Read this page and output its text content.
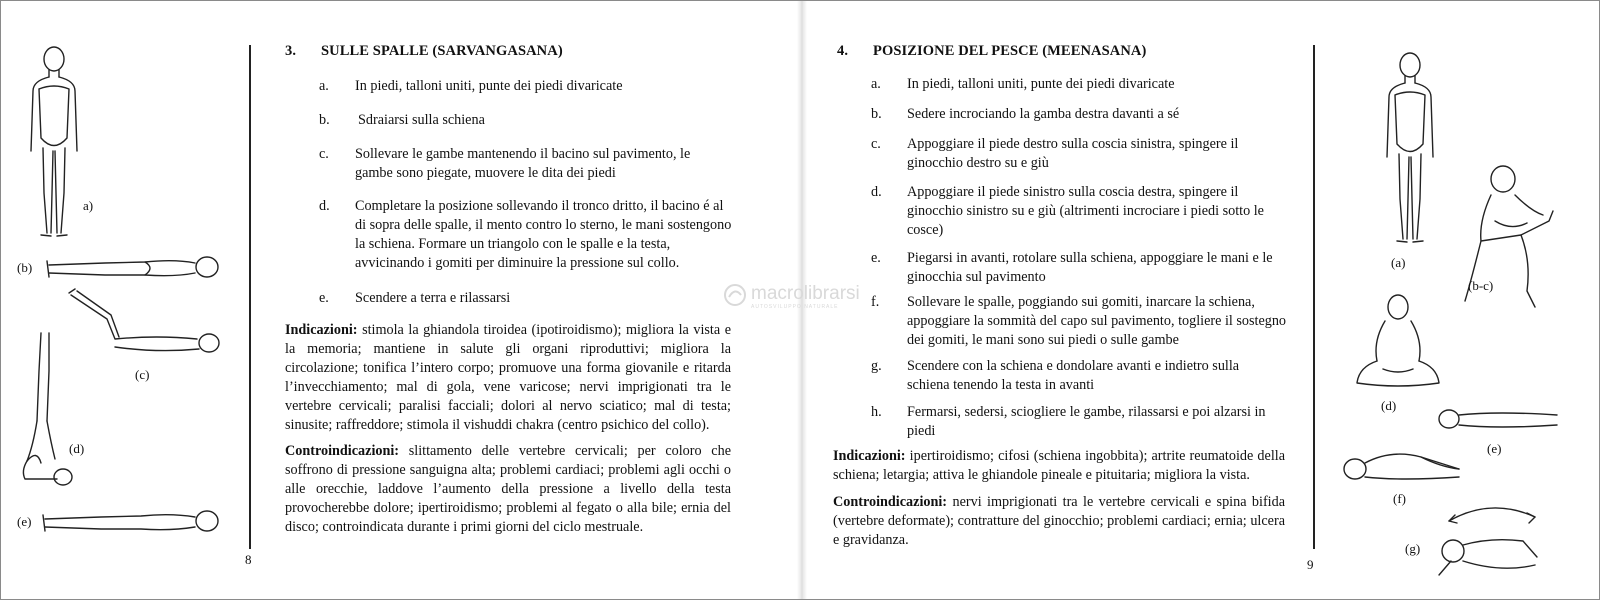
a)
(b)
(c)
(d)
(e)
8
3. SULLE SPALLE (SARVANGASANA)
a. In piedi, talloni uniti, punte dei piedi divaricate
b. Sdraiarsi sulla schiena
c. Sollevare le gambe mantenendo il bacino sul pavimento, le gambe sono piegate, muovere le dita dei piedi
d. Completare la posizione sollevando il tronco dritto, il bacino é al di sopra delle spalle, il mento contro lo sterno, le mani sostengono la schiena. Formare un triangolo con le spalle e la testa, avvicinando i gomiti per diminuire la pressione sul collo.
e. Scendere a terra e rilassarsi
Indicazioni: stimola la ghiandola tiroidea (ipotiroidismo); migliora la vista e la memoria; mantiene in salute gli organi riproduttivi; migliora la circolazione; tonifica l’intero corpo; promuove una forma giovanile e ritarda l’invecchiamento; mal di gola, vene varicose; nervi imprigionati tra le vertebre cervicali; paralisi facciali; dolori al nervo sciatico; mal di testa; sinusite; raffreddore; stimola il vishuddi chakra (centro psichico del collo).
Controindicazioni: slittamento delle vertebre cervicali; per coloro che soffrono di pressione sanguigna alta; problemi cardiaci; problemi agli occhi o alle orecchie, laddove l’aumento della pressione a livello della testa provocherebbe dolore; ipertiroidismo; problemi al fegato o alla bile; ernia del disco; controindicata durante i primi giorni del ciclo mestruale.
macrolibrarsi
AUTOSVILUPPO NATURALE
4. POSIZIONE DEL PESCE (MEENASANA)
a. In piedi, talloni uniti, punte dei piedi divaricate
b. Sedere incrociando la gamba destra davanti a sé
c. Appoggiare il piede destro sulla coscia sinistra, spingere il ginocchio destro su e giù
d. Appoggiare il piede sinistro sulla coscia destra, spingere il ginocchio sinistro su e giù (altrimenti incrociare i piedi sotto le cosce)
e. Piegarsi in avanti, rotolare sulla schiena, appoggiare le mani e le ginocchia sul pavimento
f. Sollevare le spalle, poggiando sui gomiti, inarcare la schiena, appoggiare la sommità del capo sul pavimento, togliere il sostegno dei gomiti, le mani sono sui piedi o sulle gambe
g. Scendere con la schiena e dondolare avanti e indietro sulla schiena tenendo la testa in avanti
h. Fermarsi, sedersi, sciogliere le gambe, rilassarsi e poi alzarsi in piedi
Indicazioni: ipertiroidismo; cifosi (schiena ingobbita); artrite reumatoide della schiena; letargia; attiva le ghiandole pineale e pituitaria; migliora la vista.
Controindicazioni: nervi imprigionati tra le vertebre cervicali e spina bifida (vertebre deformate); contratture del ginocchio; problemi cardiaci; ernia; ulcera e gravidanza.
9
(a)
(b-c)
(d)
(e)
(f)
(g)
